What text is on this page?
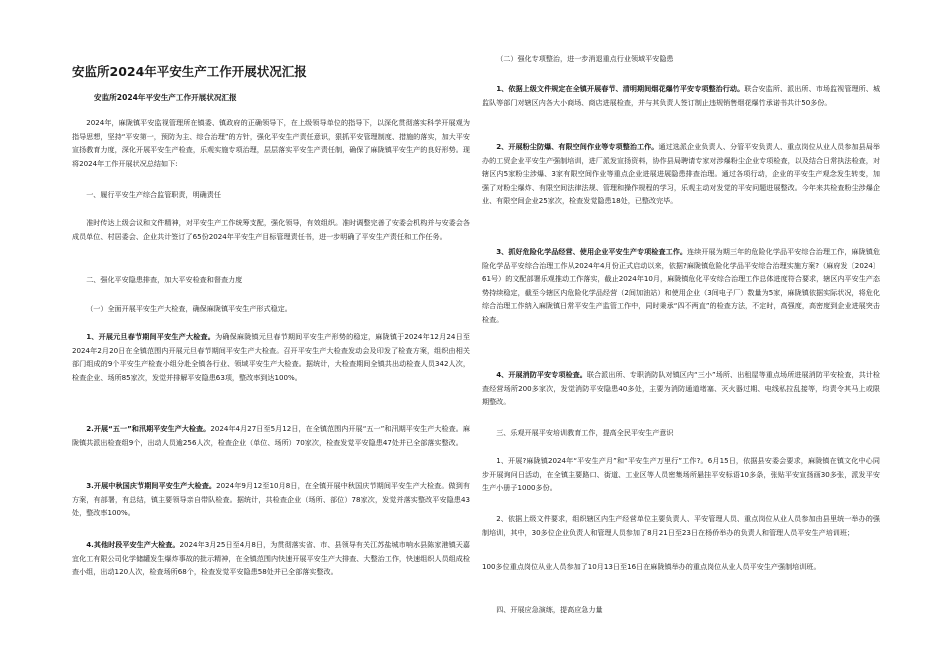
安监所2024年平安生产工作开展状况汇报
安监所2024年平安生产工作开展状况汇报

2024年，麻陇镇平安监视管理所在镇委、镇政府的正确领导下，在上级领导单位的指导下，以深化贯彻落实科学开展观为指导思想，坚持“平安第一，预防为主、综合治理”的方针，强化平安生产责任意识，狠抓平安管理制度、措施的落实，加大平安宣扬教育力度，深化开展平安生产检查，乐观实施专项治理，层层落实平安生产责任制，确保了麻陇镇平安生产的良好形势。现将2024年工作开展状况总结如下:

一、履行平安生产综合监管职责，明确责任

准时传达上级会议和文件精神，对平安生产工作统筹支配，强化领导，有效组织。准时调整完善了安委会机构并与安委会各成员单位、村居委会、企业共计签订了65份2024年平安生产目标管理责任书，进一步明确了平安生产责任和工作任务。

二、强化平安隐患排查，加大平安检查和督查力度

（一）全面开展平安生产大检查，确保麻陇镇平安生产形式稳定。

1、开展元旦春节期间平安生产大检查。为确保麻陇镇元旦春节期间平安生产形势的稳定，麻陇镇于2024年12月24日至2024年2月20日在全镇范围内开展元旦春节期间平安生产大检查。召开平安生产大检查发动会及印发了检查方案，组织由相关部门组成的9个平安生产检查小组分赴全镇各行业、领域平安生产大检查。据统计，大检查期间全镇共出动检查人员342人次，检查企业、场所85家次，发觉并排解平安隐患63项，整改率到达100%。

2.开展“五一”和汛期平安生产大检查。2024年4月27日至5月12日，在全镇范围内开展“五一”和汛期平安生产大检查。麻陇镇共派出检查组9个，出动人员逾256人次，检查企业（单位、场所）70家次，检查发觉平安隐患47处并已全部落实整改。

3.开展中秋国庆节期间平安生产大检查。2024年9月12至10月8日，在全镇开展中秋国庆节期间平安生产大检查。做到有方案，有部署，有总结，镇主要领导亲自带队检查。据统计，共检查企业（场所、部位）78家次，发觉并落实整改平安隐患43处，整改率100%。

4.其他时段平安生产大检查。2024年3月25日至4月8日，为贯彻落实省、市、县领导有关江苏盐城市响水县陈家港镇天嘉宜化工有限公司化学储罐发生爆炸事故的批示精神，在全镇范围内快速开展平安生产大排查、大整治工作，快速组织人员组成检查小组，出动120人次，检查场所68个，检查发觉平安隐患58处并已全部落实整改。

（二）强化专项整治，进一步消退重点行业领域平安隐患

1、依据上级文件规定在全镇开展春节、清明期间烟花爆竹平安专项整治行动。联合安监所、派出所、市场监视管理所、城监队等部门对辖区内各大小商场、商店进展检查，并与其负责人签订制止违规销售烟花爆竹承诺书共计50多份。

2、开展粉尘防爆、有限空间作业等专项整治工作。通过选派企业负责人、分管平安负责人、重点岗位从业人员参加县局举办的工贸企业平安生产强制培训，进厂派发宣扬资料，协作县局聘请专家对涉爆粉尘企业专项检查，以及结合日常执法检查，对辖区内5家粉尘涉爆、3家有限空间作业等重点企业进展进展隐患排查治理。通过各项行动，企业的平安生产观念发生转变，加强了对粉尘爆炸、有限空间法律法规、管理和操作规程的学习，乐观主动对发觉的平安问题进展整改。今年来共检查粉尘涉爆企业、有限空间企业25家次，检查发觉隐患18处，已整改完毕。

3、抓好危险化学品经营、使用企业平安生产专项检查工作。连续开展为期三年的危险化学品平安综合治理工作，麻陇镇危险化学品平安综合治理工作从2024年4月份正式启动以来，依据?麻陇镇危险化学品平安综合治理实施方案?（麻府发〔2024〕61号）的文配部署乐观推动工作落实，截止2024年10月，麻陇镇危化平安综合治理工作总体进度符合要求，辖区内平安生产态势持续稳定，截至今辖区内危险化学品经营（2间加油站）和使用企业（3间电子厂）数量为5家，麻陇镇依据实际状况，将危化综合治理工作纳入麻陇镇日常平安生产监管工作中，同时秉承“四不两直”的检查方法，不定时，高强度，高密度到企业进展突击检查。

4、开展消防平安专项检查。联合派出所、专职消防队对镇区内“三小”场所、出租屋等重点场所进展消防平安检查，共计检查经营场所200多家次，发觉消防平安隐患40多处，主要为消防通道堵塞、灭火器过期、电线私拉乱接等，均责令其马上或限期整改。

三、乐观开展平安培训教育工作，提高全民平安生产意识

1、开展?麻陇镇2024年“平安生产月”和“平安生产万里行”工作?。6月15日，依据县安委会要求，麻陇镇在镇文化中心同步开展询问日活动，在全镇主要路口、街道、工业区等人员密集场所悬挂平安标语10多条，张贴平安宣扬画30多张，派发平安生产小册子1000多份。

2、依据上级文件要求，组织辖区内生产经营单位主要负责人、平安管理人员、重点岗位从业人员参加由县里统一举办的强制培训，其中，30多位企业负责人和管理人员参加了8月21日至23日在杨侨举办的负责人和管理人员平安生产培训班；

100多位重点岗位从业人员参加了10月13日至16日在麻陇镇举办的重点岗位从业人员平安生产强制培训班。

四、开展应急演练，提高应急力量
